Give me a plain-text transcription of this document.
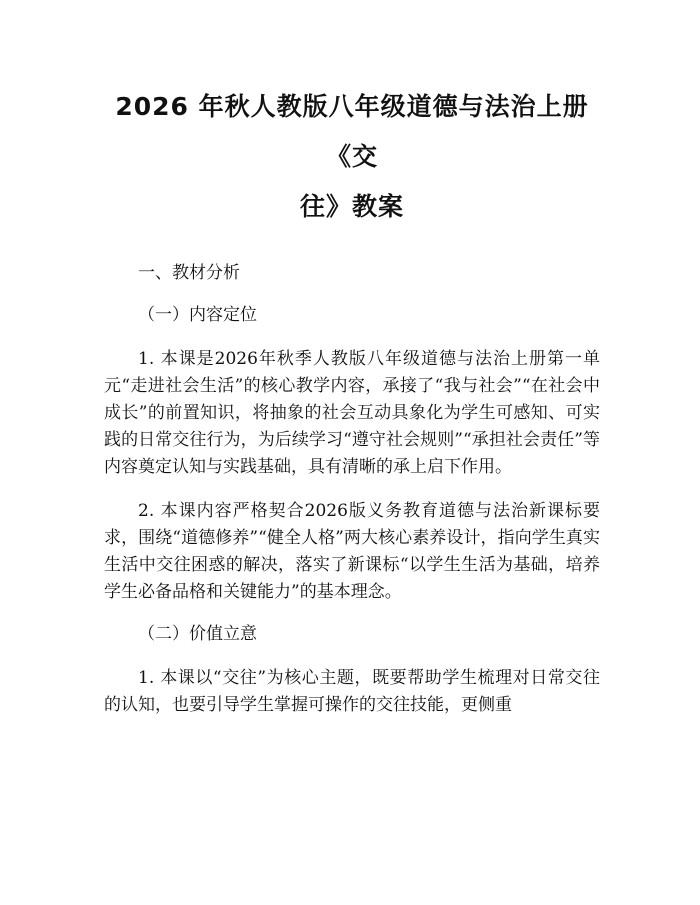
2026 年秋人教版八年级道德与法治上册《交
往》教案

一、教材分析

（一）内容定位

1. 本课是2026年秋季人教版八年级道德与法治上册第一单元“走进社会生活”的核心教学内容，承接了“我与社会”“在社会中成长”的前置知识，将抽象的社会互动具象化为学生可感知、可实践的日常交往行为，为后续学习“遵守社会规则”“承担社会责任”等内容奠定认知与实践基础，具有清晰的承上启下作用。

2. 本课内容严格契合2026版义务教育道德与法治新课标要求，围绕“道德修养”“健全人格”两大核心素养设计，指向学生真实生活中交往困惑的解决，落实了新课标“以学生生活为基础，培养学生必备品格和关键能力”的基本理念。

（二）价值立意

1. 本课以“交往”为核心主题，既要帮助学生梳理对日常交往的认知，也要引导学生掌握可操作的交往技能，更侧重
